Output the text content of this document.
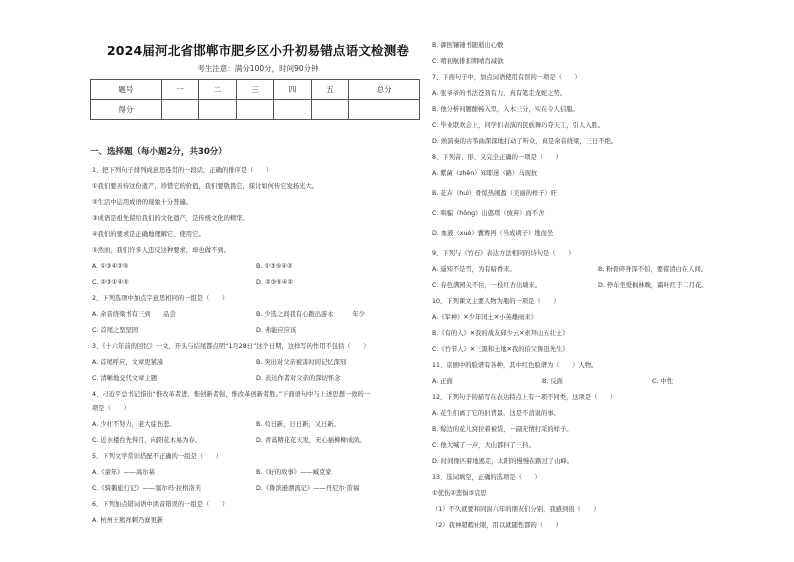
2024届河北省邯郸市肥乡区小升初易错点语文检测卷
考生注意：满分100分，时间90分钟
题号	一	二	三	四	五	总分
得分						
一、选择题（每小题2分，共30分）
1、把下列句子排列成意思连贯的一段话，正确的排序是（　　）
①我们要善待这份遗产，珍惜它的价值，我们要敬畏它，探讨如何传它发扬光大。
②生活中运用成语的现象十分普遍。
③成语是祖先留给我们的文化遗产，是传统文化的精华。
④我们的要求是正确地理解它、使用它。
⑤然而，我们许多人违反这种要求，却也做不到。
A. ①③④②⑤	B. ①③⑤④②
C. ②③①④⑤	D. ②③⑤④②
2、下列选项中加点字意思相同的一组是（　　）
A. 余音绕梁书有三到　　品尝	B. 少选之间我有心跑出游永　　　年少
C. 首尾之坚坚固	D. 弗能应应该
3、《十六年前的回忆》一文，开头与结尾都点明“1月28日”这个日期，这样写的作用不包括（　　）
A. 首尾呼应，文章更紧凑	B. 突出对父亲被害时间记忆深刻
C. 清晰地交代文章主题	D. 表达作者对父亲的深切怀念
4、刁近平总书记指出“惟改革者进，惟创新者强，惟改革创新者胜。”下面语句中与上述思想一致的一
项是（　　）
A. 少壮不努力，老大徒伤悲。	B. 苟日新，日日新，又日新。
C. 近水楼台先得月，向阳花木易为春。	D. 青蒿精花花天发，无心插柳柳成荫。
5、下列文学常识搭配不正确的一组是（　　）
A.《童年》——高尔基	B.《好的故事》——臧克家
C.《骑鹅旅行记》——塞尔玛·拉格洛芙	D.《鲁滨逊漂流记》——丹尼尔·笛福
6、下列加点错词语中读音错误的一组是（　　）
A. 杭州王熊祥刺乃寮更新
B. 御医镶锤书随逝出心敷
C. 啃初航排扣期晴肖减欲
7、下面句子中，加点词语使用有误的一项是（　　）
A. 张爷爷的书法苍劲有力，真有笔走龙蛇之势。
B. 他分析问题酣畅入里，入木三分，实在令人信服。
C. 毕业联欢会上，同学们表演的民族舞巧夺天工，引人入胜。
D. 熟演奏的古筝曲深深地打动了听众，真是余音绕梁，三日不绝。
8、下列音、形、义完全正确的一项是（　　）
A. 紫菌（zhēn）知耶迷（路）马现抗
B. 花卉（huì）骨惊热闹盈（美丽的样子）旺
C. 哄骗（hǒng）出憨璞（放弃）而不舍
D. 血液（xuè）囊赛再（当成璃子）地而坐
9、下列与《竹石》表达方法相同的诗句是（　　）
A. 遥知不是雪，为有暗香来。	B. 粉骨碎身浑不怕，要留清白在人间。
C. 春色满园关不住，一枝红杏出墙来。	D. 停车坐爱枫林晚，霜叶红于二月花。
10、下列课文主要人物为瓶的一项是（　　）
A.《军神》✕少年闰土✕小英雄雨来》
B.《有的人》✕我的战友邱少云✕索拜山五壮士》
C.《竹节人》✕三黑和土地✕我的伯父鲁迅先生》
11、京剧中的脸谱有各种，其中红色脸谱为（　　）人物。
A. 正面	B. 反面	C. 中性
12、下列句子的描写在表达特点上有一项不同类，这项是（　　）
A. 花生们离了它的旧背景，这是不消说的事。
B. 赊边的花儿窝拉着被袋，一副无情打采的样子。
C. 他大喊了一声，大山都抖了三抖。
D. 时间像匹着地逃走，太阳的慢慢在路过了山峰。
13、选词填空，正确的选项是（　　）
①优伤②悲惧③哀思
（1）不久就要和同窗六年的朋友们分别，我感到很（　　）
（2）我神超暇社眼，用以就随性都的（　　）
